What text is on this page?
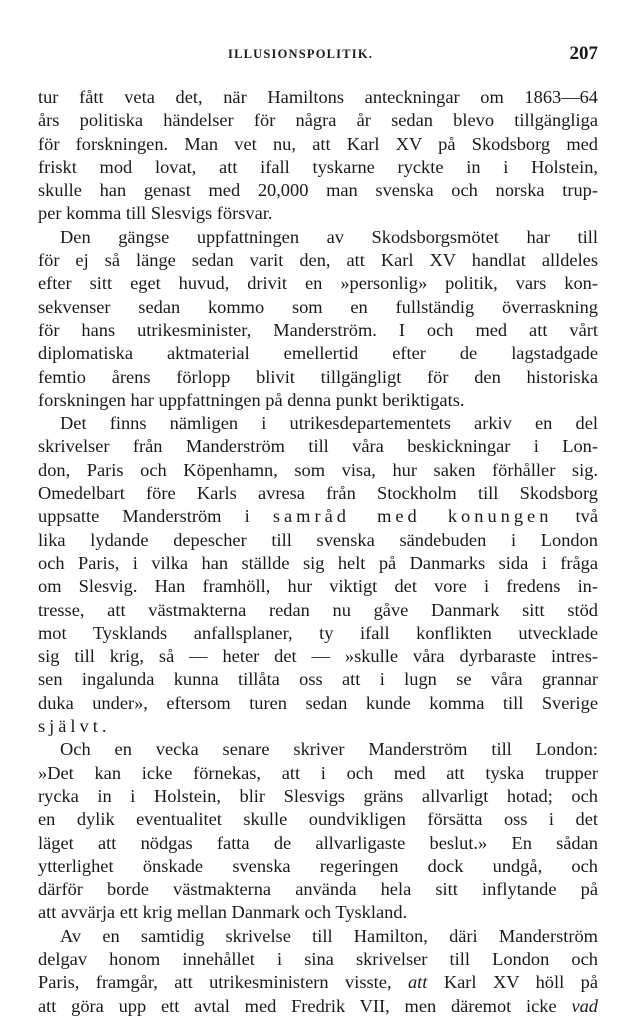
ILLUSIONSPOLITIK.	207
tur fått veta det, när Hamiltons anteckningar om 1863—64
års politiska händelser för några år sedan blevo tillgängliga
för forskningen. Man vet nu, att Karl XV på Skodsborg med
friskt mod lovat, att ifall tyskarne ryckte in i Holstein,
skulle han genast med 20,000 man svenska och norska trup-
per komma till Slesvigs försvar.
Den gängse uppfattningen av Skodsborgsmötet har till
för ej så länge sedan varit den, att Karl XV handlat alldeles
efter sitt eget huvud, drivit en »personlig» politik, vars kon-
sekvenser sedan kommo som en fullständig överraskning
för hans utrikesminister, Manderström. I och med att vårt
diplomatiska aktmaterial emellertid efter de lagstadgade
femtio årens förlopp blivit tillgängligt för den historiska
forskningen har uppfattningen på denna punkt beriktigats.
Det finns nämligen i utrikesdepartementets arkiv en del
skrivelser från Manderström till våra beskickningar i Lon-
don, Paris och Köpenhamn, som visa, hur saken förhåller sig.
Omedelbart före Karls avresa från Stockholm till Skodsborg
uppsatte Manderström i samråd med konungen två
lika lydande depescher till svenska sändebuden i London
och Paris, i vilka han ställde sig helt på Danmarks sida i fråga
om Slesvig. Han framhöll, hur viktigt det vore i fredens in-
tresse, att västmakterna redan nu gåve Danmark sitt stöd
mot Tysklands anfallsplaner, ty ifall konflikten utvecklade
sig till krig, så — heter det — »skulle våra dyrbaraste intres-
sen ingalunda kunna tillåta oss att i lugn se våra grannar
duka under», eftersom turen sedan kunde komma till Sverige
självt.
Och en vecka senare skriver Manderström till London:
»Det kan icke förnekas, att i och med att tyska trupper
rycka in i Holstein, blir Slesvigs gräns allvarligt hotad; och
en dylik eventualitet skulle oundvikligen försätta oss i det
läget att nödgas fatta de allvarligaste beslut.» En sådan
ytterlighet önskade svenska regeringen dock undgå, och
därför borde västmakterna använda hela sitt inflytande på
att avvärja ett krig mellan Danmark och Tyskland.
Av en samtidig skrivelse till Hamilton, däri Manderström
delgav honom innehållet i sina skrivelser till London och
Paris, framgår, att utrikesministern visste, att Karl XV höll på
att göra upp ett avtal med Fredrik VII, men däremot icke vad
